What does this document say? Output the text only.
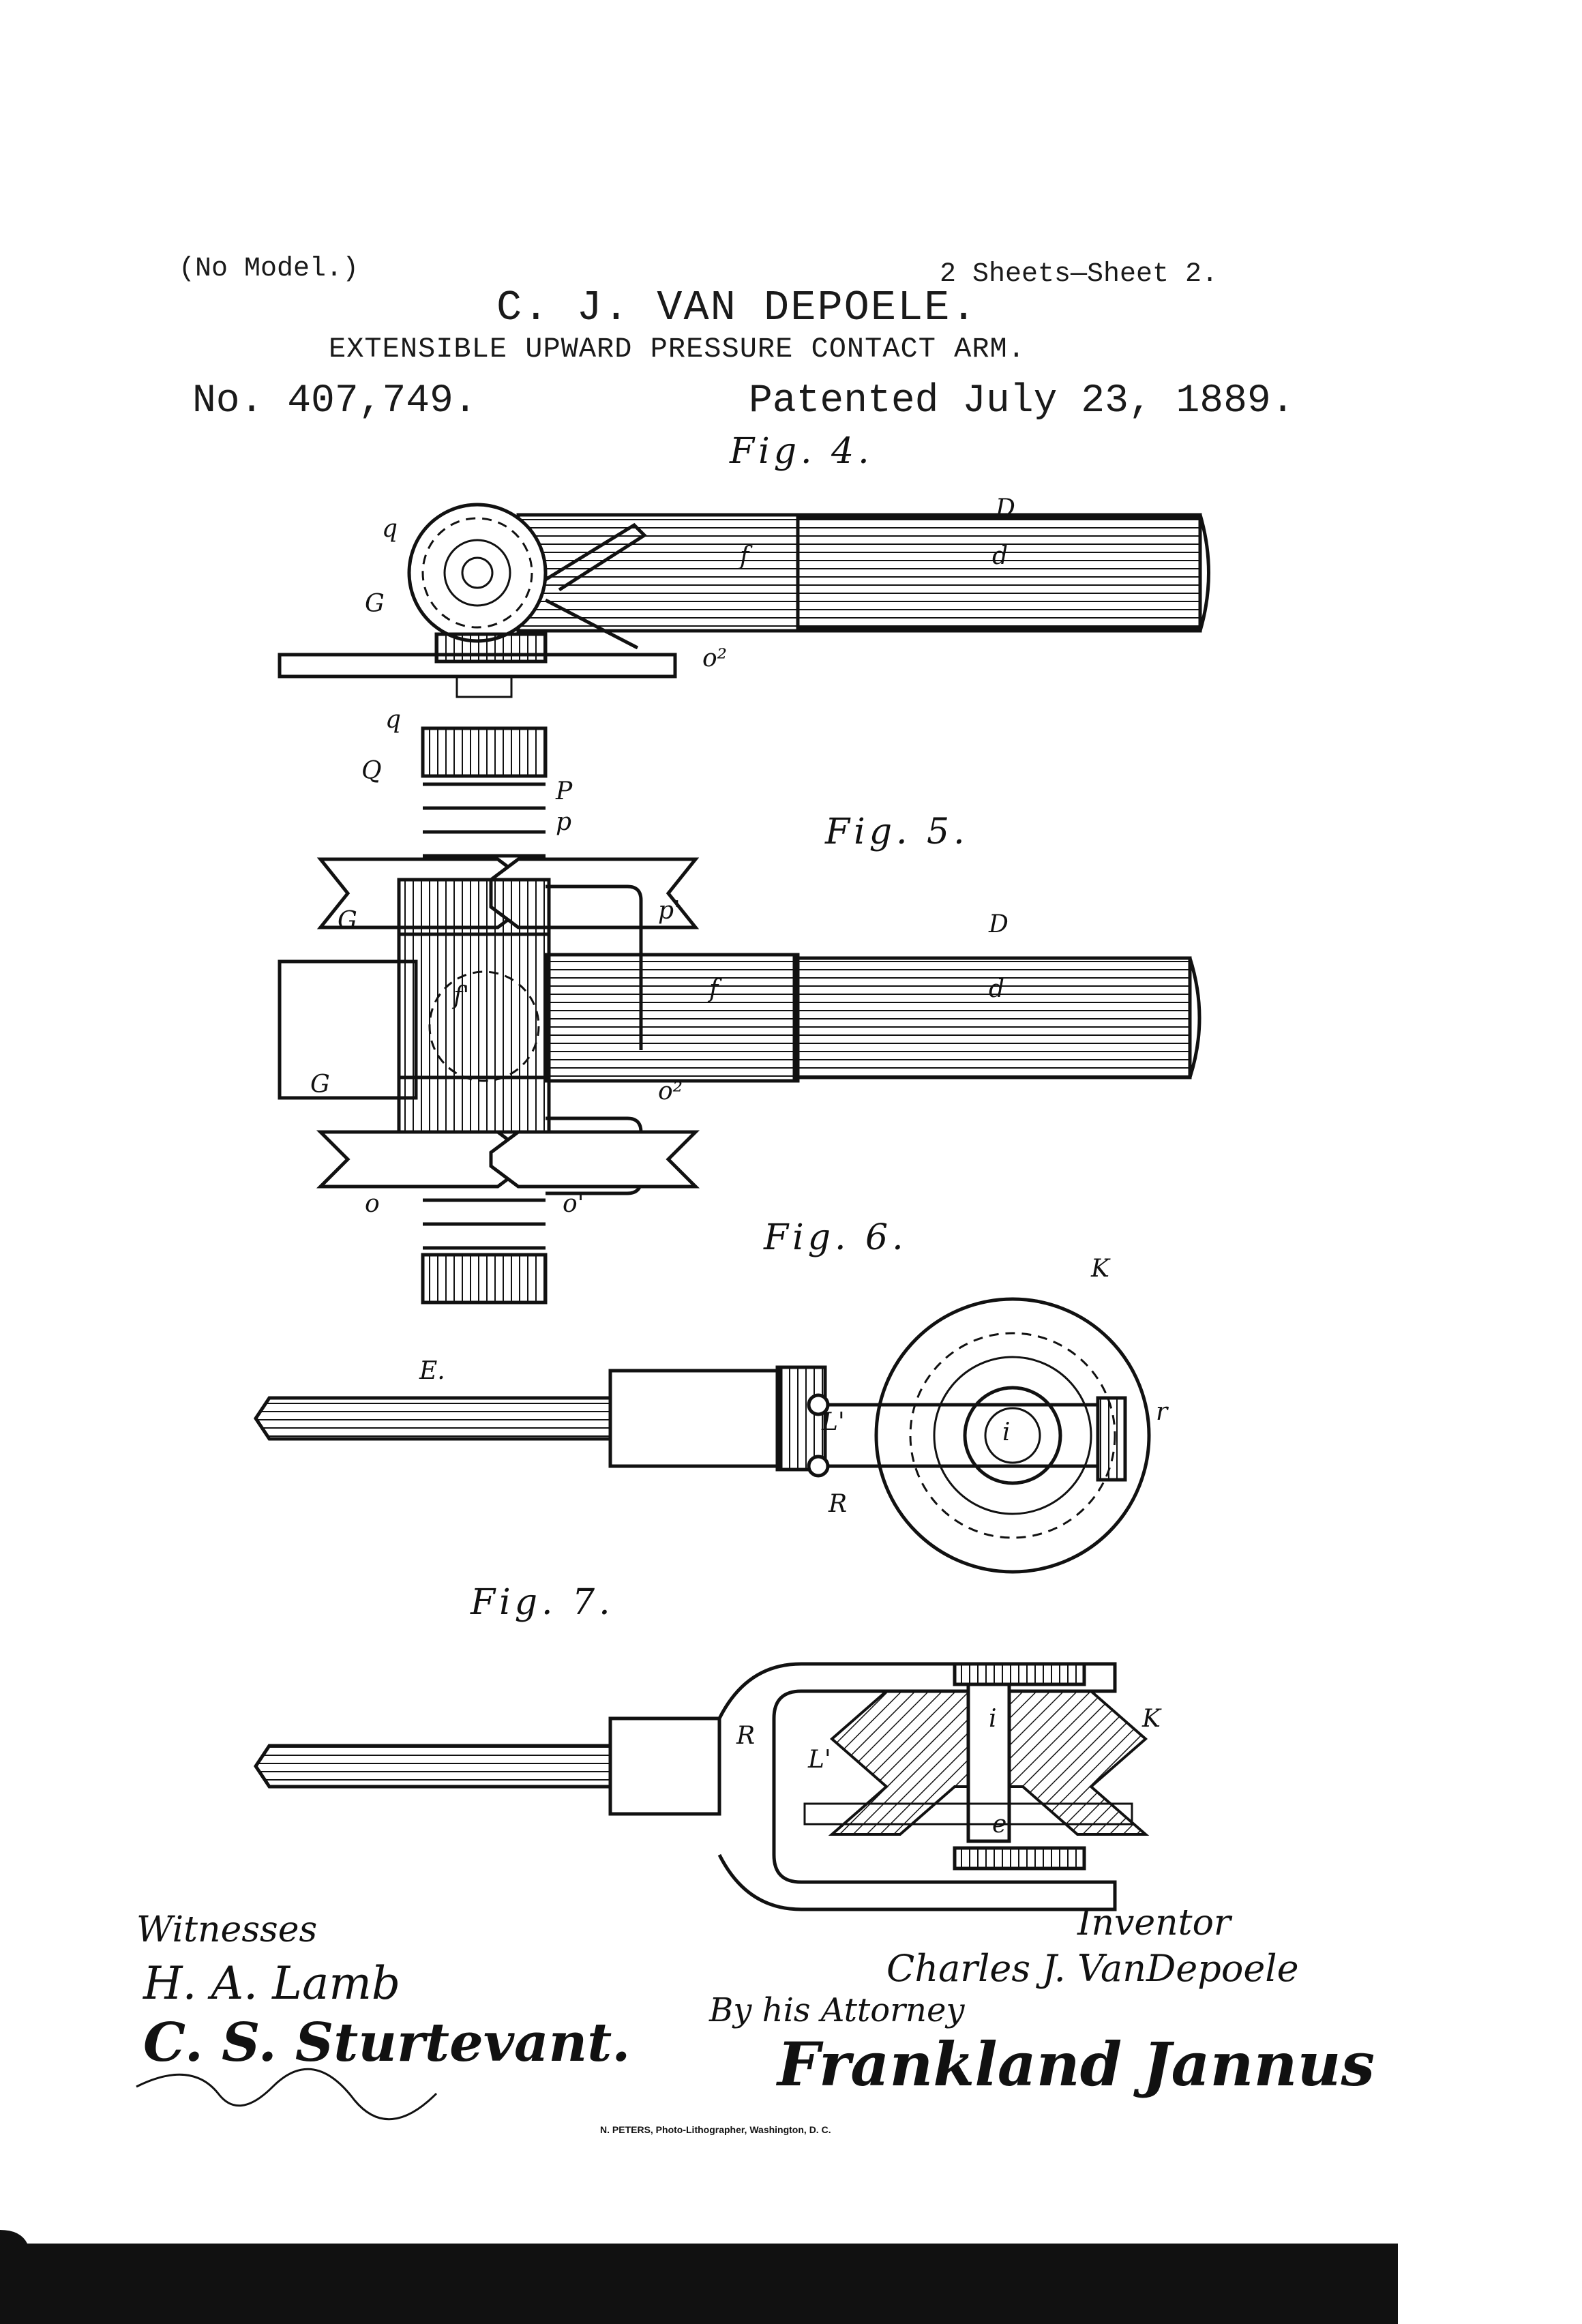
(No Model.)	2 Sheets—Sheet 2.
C. J. VAN DEPOELE.
EXTENSIBLE UPWARD PRESSURE CONTACT ARM.
No. 407,749.	Patented July 23, 1889.
Fig. 4.
Fig. 5.
Fig. 6.
Fig. 7.
q
G
f
D
d
o²
q
Q
P
p
G	p'	D
f'	f	d
G	o²
o	o'
K
E.
L'	i
r
R
R
L'
i	K
e
Witnesses
H. A. Lamb
C. S. Sturtevant.
Inventor
Charles J. VanDepoele
By his Attorney
Frankland Jannus
N. PETERS, Photo-Lithographer, Washington, D. C.
